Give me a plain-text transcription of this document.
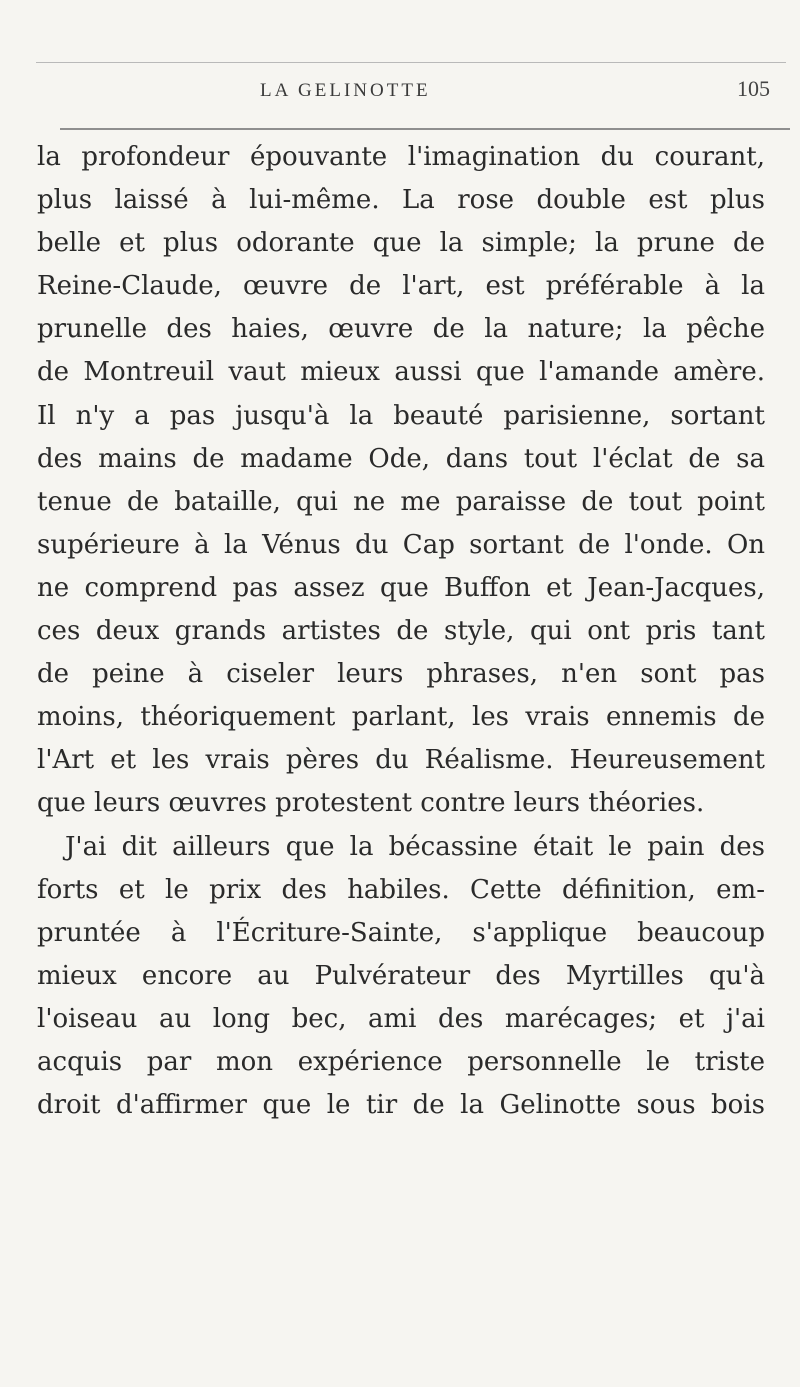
LA GELINOTTE	105
la profondeur épouvante l'imagination du courant,
plus laissé à lui-même. La rose double est plus
belle et plus odorante que la simple; la prune de
Reine-Claude, œuvre de l'art, est préférable à la
prunelle des haies, œuvre de la nature; la pêche
de Montreuil vaut mieux aussi que l'amande amère.
Il n'y a pas jusqu'à la beauté parisienne, sortant
des mains de madame Ode, dans tout l'éclat de sa
tenue de bataille, qui ne me paraisse de tout point
supérieure à la Vénus du Cap sortant de l'onde. On
ne comprend pas assez que Buffon et Jean-Jacques,
ces deux grands artistes de style, qui ont pris tant
de peine à ciseler leurs phrases, n'en sont pas
moins, théoriquement parlant, les vrais ennemis de
l'Art et les vrais pères du Réalisme. Heureusement
que leurs œuvres protestent contre leurs théories.
J'ai dit ailleurs que la bécassine était le pain des
forts et le prix des habiles. Cette définition, em-
pruntée à l'Écriture-Sainte, s'applique beaucoup
mieux encore au Pulvérateur des Myrtilles qu'à
l'oiseau au long bec, ami des marécages; et j'ai
acquis par mon expérience personnelle le triste
droit d'affirmer que le tir de la Gelinotte sous bois
